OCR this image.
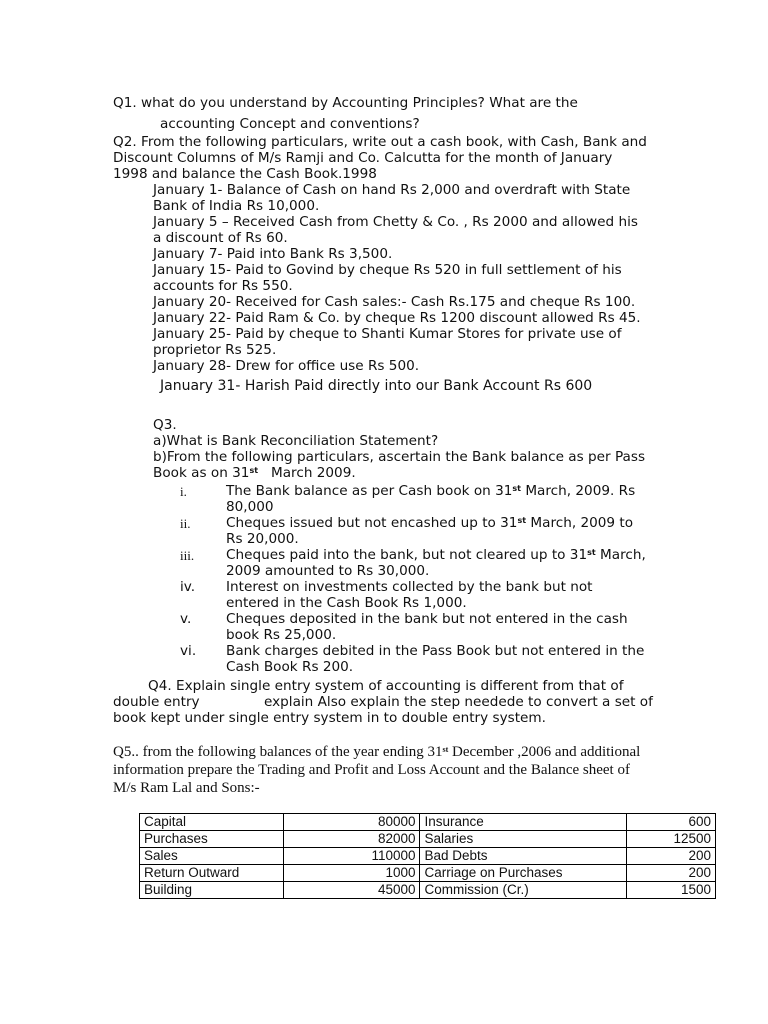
Q1. what do you understand by Accounting Principles? What are the
accounting Concept and conventions?
Q2. From the following particulars, write out a cash book, with Cash, Bank and
Discount Columns of M/s Ramji and Co. Calcutta for the month of January
1998 and balance the Cash Book.1998
January 1- Balance of Cash on hand Rs 2,000 and overdraft with State
Bank of India Rs 10,000.
January 5 – Received Cash from Chetty & Co. , Rs 2000 and allowed his
a discount of Rs 60.
January 7- Paid into Bank Rs 3,500.
January 15- Paid to Govind by cheque Rs 520 in full settlement of his
accounts for Rs 550.
January 20- Received for Cash sales:- Cash Rs.175 and cheque Rs 100.
January 22- Paid Ram & Co. by cheque Rs 1200 discount allowed Rs 45.
January 25- Paid by cheque to Shanti Kumar Stores for private use of
proprietor Rs 525.
January 28- Drew for office use Rs 500.
January 31- Harish Paid directly into our Bank Account Rs 600
Q3.
a)What is Bank Reconciliation Statement?
b)From the following particulars, ascertain the Bank balance as per Pass
Book as on 31st   March 2009.
i.	The Bank balance as per Cash book on 31st March, 2009. Rs
80,000
ii.	Cheques issued but not encashed up to 31st March, 2009 to
Rs 20,000.
iii. Cheques paid into the bank, but not cleared up to 31st March,
2009 amounted to Rs 30,000.
iv. Interest on investments collected by the bank but not
entered in the Cash Book Rs 1,000.
v.	Cheques deposited in the bank but not entered in the cash
book Rs 25,000.
vi. Bank charges debited in the Pass Book but not entered in the
Cash Book Rs 200.
Q4. Explain single entry system of accounting is different from that of
double entry	explain Also explain the step needede to convert a set of
book kept under single entry system in to double entry system.
Q5.. from the following balances of the year ending 31st December ,2006 and additional
information prepare the Trading and Profit and Loss Account and the Balance sheet of
M/s Ram Lal and Sons:-
Capital	80000	Insurance	600
Purchases	82000	Salaries	12500
Sales	110000	Bad Debts	200
Return Outward	1000	Carriage on Purchases	200
Building	45000	Commission (Cr.)	1500
